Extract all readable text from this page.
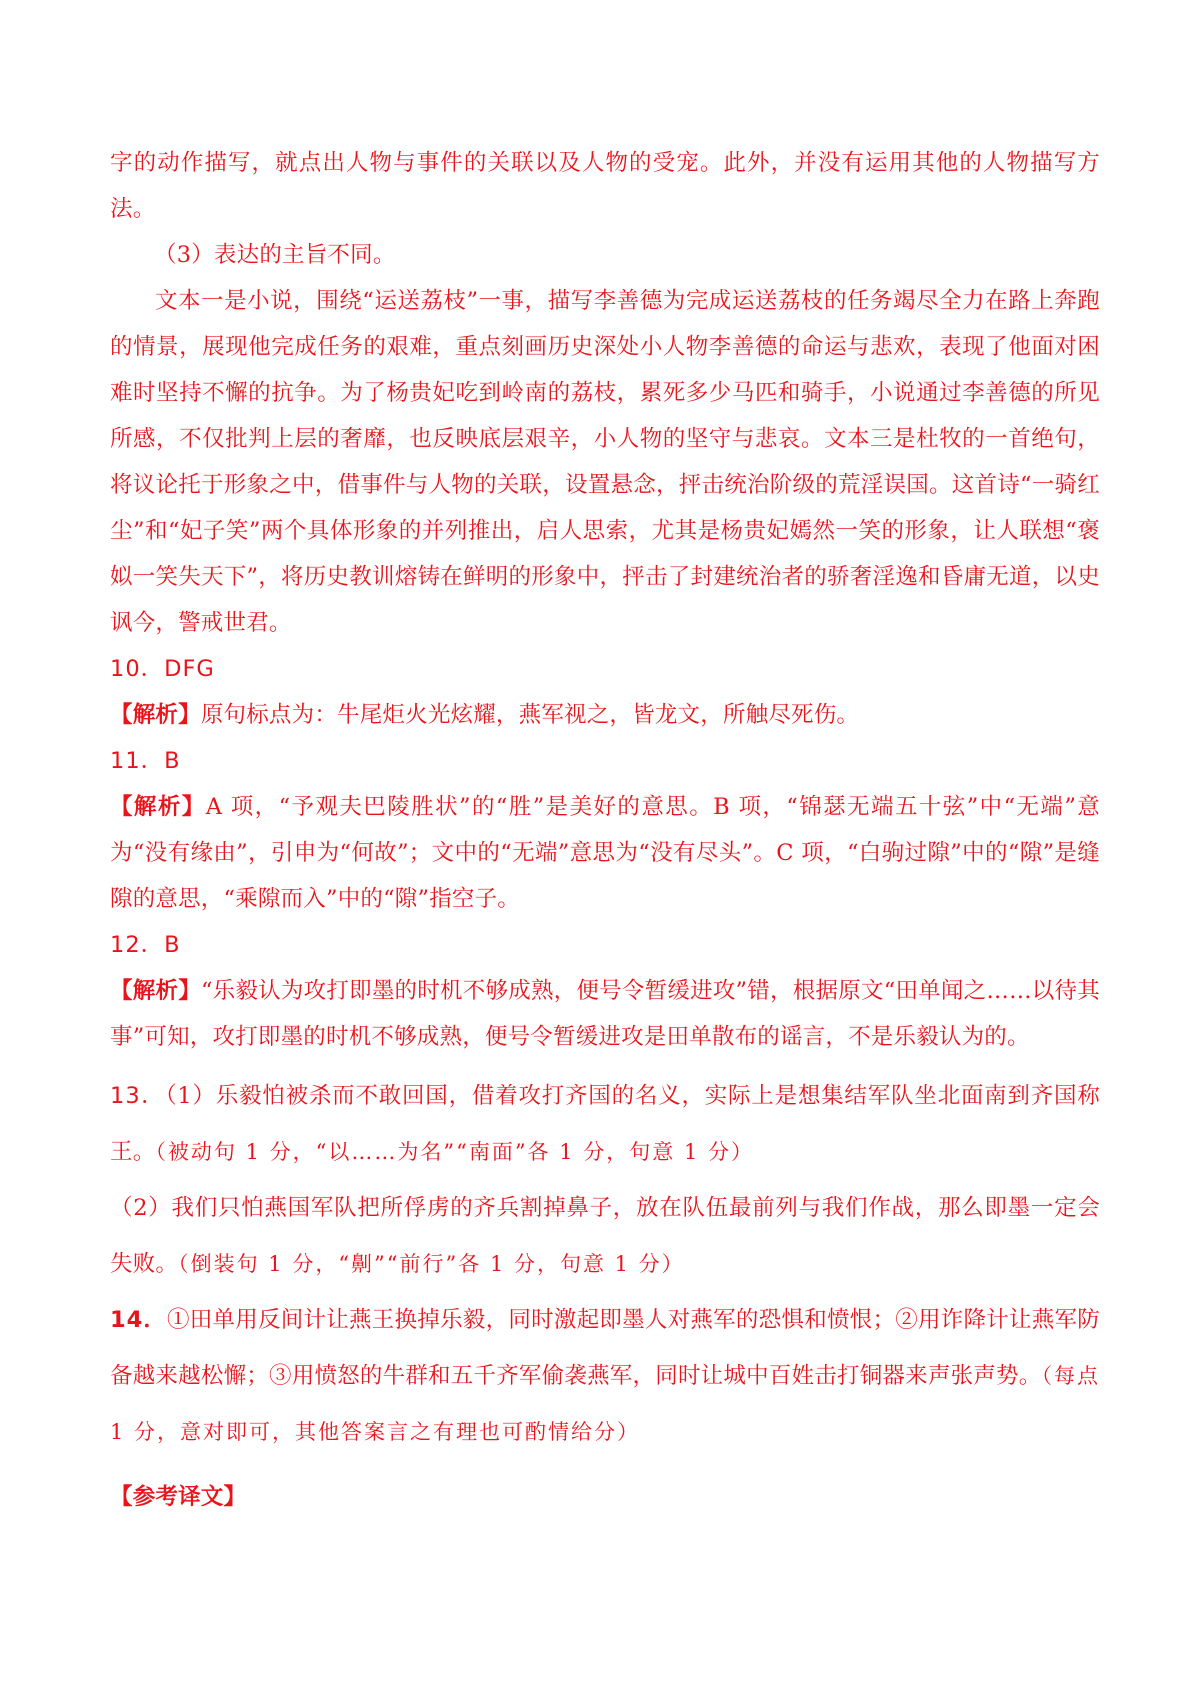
字的动作描写，就点出人物与事件的关联以及人物的受宠。此外，并没有运用其他的人物描写方法。

（3）表达的主旨不同。

文本一是小说，围绕“运送荔枝”一事，描写李善德为完成运送荔枝的任务竭尽全力在路上奔跑的情景，展现他完成任务的艰难，重点刻画历史深处小人物李善德的命运与悲欢，表现了他面对困难时坚持不懈的抗争。为了杨贵妃吃到岭南的荔枝，累死多少马匹和骑手，小说通过李善德的所见所感，不仅批判上层的奢靡，也反映底层艰辛，小人物的坚守与悲哀。文本三是杜牧的一首绝句，将议论托于形象之中，借事件与人物的关联，设置悬念，抨击统治阶级的荒淫误国。这首诗“一骑红尘”和“妃子笑”两个具体形象的并列推出，启人思索，尤其是杨贵妃嫣然一笑的形象，让人联想“褒姒一笑失天下”，将历史教训熔铸在鲜明的形象中，抨击了封建统治者的骄奢淫逸和昏庸无道，以史讽今，警戒世君。

10．DFG

【解析】原句标点为：牛尾炬火光炫耀，燕军视之，皆龙文，所触尽死伤。

11．B

【解析】A 项，“予观夫巴陵胜状”的“胜”是美好的意思。B 项，“锦瑟无端五十弦”中“无端”意为“没有缘由”，引申为“何故”；文中的“无端”意思为“没有尽头”。C 项，“白驹过隙”中的“隙”是缝隙的意思，“乘隙而入”中的“隙”指空子。

12．B

【解析】“乐毅认为攻打即墨的时机不够成熟，便号令暂缓进攻”错，根据原文“田单闻之……以待其事”可知，攻打即墨的时机不够成熟，便号令暂缓进攻是田单散布的谣言，不是乐毅认为的。

13．（1）乐毅怕被杀而不敢回国，借着攻打齐国的名义，实际上是想集结军队坐北面南到齐国称王。（被动句 1 分，“以……为名”“南面”各 1 分，句意 1 分）

（2）我们只怕燕国军队把所俘虏的齐兵割掉鼻子，放在队伍最前列与我们作战，那么即墨一定会失败。（倒装句 1 分，“劓”“前行”各 1 分，句意 1 分）

14．①田单用反间计让燕王换掉乐毅，同时激起即墨人对燕军的恐惧和愤恨；②用诈降计让燕军防备越来越松懈；③用愤怒的牛群和五千齐军偷袭燕军，同时让城中百姓击打铜器来声张声势。（每点 1 分，意对即可，其他答案言之有理也可酌情给分）

【参考译文】
